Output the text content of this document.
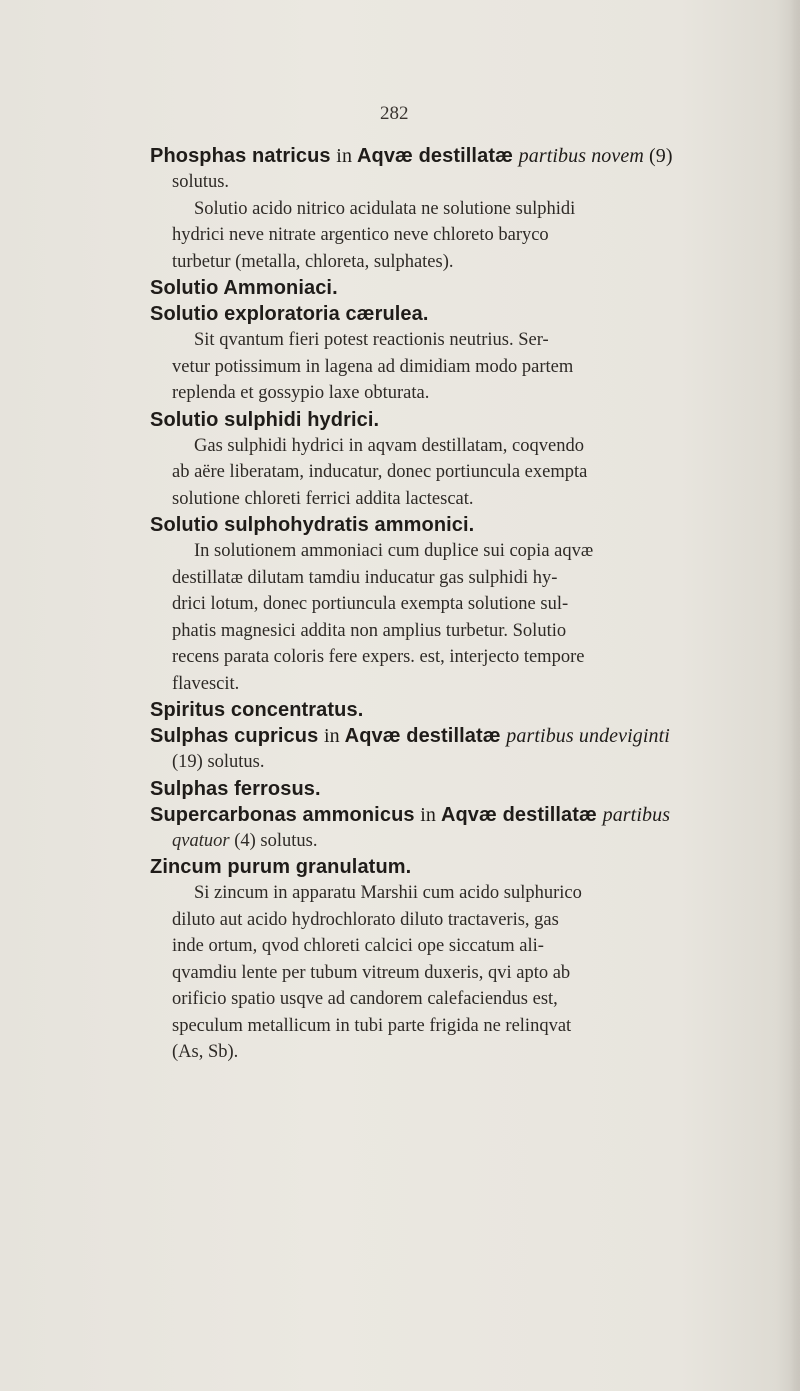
282
Phosphas natricus in Aqvæ destillatæ partibus novem (9)
solutus.
Solutio acido nitrico acidulata ne solutione sulphidi
hydrici neve nitrate argentico neve chloreto baryco
turbetur (metalla, chloreta, sulphates).
Solutio Ammoniaci.
Solutio exploratoria cærulea.
Sit qvantum fieri potest reactionis neutrius. Ser-
vetur potissimum in lagena ad dimidiam modo partem
replenda et gossypio laxe obturata.
Solutio sulphidi hydrici.
Gas sulphidi hydrici in aqvam destillatam, coqvendo
ab aëre liberatam, inducatur, donec portiuncula exempta
solutione chloreti ferrici addita lactescat.
Solutio sulphohydratis ammonici.
In solutionem ammoniaci cum duplice sui copia aqvæ
destillatæ dilutam tamdiu inducatur gas sulphidi hy-
drici lotum, donec portiuncula exempta solutione sul-
phatis magnesici addita non amplius turbetur. Solutio
recens parata coloris fere expers. est, interjecto tempore
flavescit.
Spiritus concentratus.
Sulphas cupricus in Aqvæ destillatæ partibus undeviginti
(19) solutus.
Sulphas ferrosus.
Supercarbonas ammonicus in Aqvæ destillatæ partibus
qvatuor (4) solutus.
Zincum purum granulatum.
Si zincum in apparatu Marshii cum acido sulphurico
diluto aut acido hydrochlorato diluto tractaveris, gas
inde ortum, qvod chloreti calcici ope siccatum ali-
qvamdiu lente per tubum vitreum duxeris, qvi apto ab
orificio spatio usqve ad candorem calefaciendus est,
speculum metallicum in tubi parte frigida ne relinqvat
(As, Sb).
